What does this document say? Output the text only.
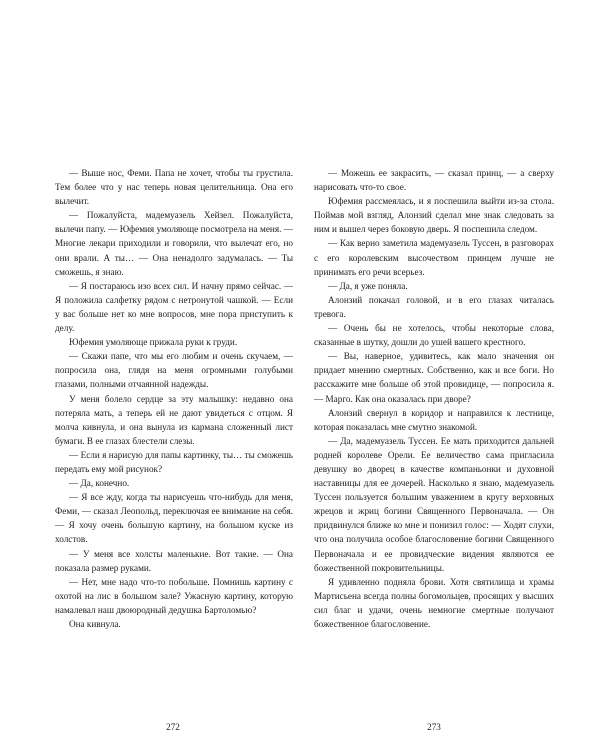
— Выше нос, Феми. Папа не хочет, чтобы ты грустила. Тем более что у нас теперь новая целительница. Она его вылечит.

— Пожалуйста, мадемуазель Хейзел. Пожалуйста, вылечи папу. — Юфемия умоляюще посмотрела на меня. — Многие лекари приходили и говорили, что вылечат его, но они врали. А ты… — Она ненадолго задумалась. — Ты сможешь, я знаю.

— Я постараюсь изо всех сил. И начну прямо сейчас. — Я положила салфетку рядом с нетронутой чашкой. — Если у вас больше нет ко мне вопросов, мне пора приступить к делу.

Юфемия умоляюще прижала руки к груди.

— Скажи папе, что мы его любим и очень скучаем, — попросила она, глядя на меня огромными голубыми глазами, полными отчаянной надежды.

У меня болело сердце за эту малышку: недавно она потеряла мать, а теперь ей не дают увидеться с отцом. Я молча кивнула, и она вынула из кармана сложенный лист бумаги. В ее глазах блестели слезы.

— Если я нарисую для папы картинку, ты… ты сможешь передать ему мой рисунок?

— Да, конечно.

— Я все жду, когда ты нарисуешь что-нибудь для меня, Феми, — сказал Леопольд, переключая ее внимание на себя. — Я хочу очень большую картину, на большом куске из холстов.

— У меня все холсты маленькие. Вот такие. — Она показала размер руками.

— Нет, мне надо что-то побольше. Помнишь картину с охотой на лис в большом зале? Ужасную картину, которую намалевал наш двоюродный дедушка Бартоломью?

Она кивнула.

272

— Можешь ее закрасить, — сказал принц, — а сверху нарисовать что-то свое.

Юфемия рассмеялась, и я поспешила выйти из-за стола. Поймав мой взгляд, Алонзий сделал мне знак следовать за ним и вышел через боковую дверь. Я поспешила следом.

— Как верно заметила мадемуазель Туссен, в разговорах с его королевским высочеством принцем лучше не принимать его речи всерьез.

— Да, я уже поняла.

Алонзий покачал головой, и в его глазах читалась тревога.

— Очень бы не хотелось, чтобы некоторые слова, сказанные в шутку, дошли до ушей вашего крестного.

— Вы, наверное, удивитесь, как мало значения он придает мнению смертных. Собственно, как и все боги. Но расскажите мне больше об этой провидице, — попросила я. — Марго. Как она оказалась при дворе?

Алонзий свернул в коридор и направился к лестнице, которая показалась мне смутно знакомой.

— Да, мадемуазель Туссен. Ее мать приходится дальней родней королеве Орели. Ее величество сама пригласила девушку во дворец в качестве компаньонки и духовной наставницы для ее дочерей. Насколько я знаю, мадемуазель Туссен пользуется большим уважением в кругу верховных жрецов и жриц богини Священного Первоначала. — Он придвинулся ближе ко мне и понизил голос: — Ходят слухи, что она получила особое благословение богини Священного Первоначала и ее провидческие видения являются ее божественной покровительницы.

Я удивленно подняла брови. Хотя святилища и храмы Мартисьена всегда полны богомольцев, просящих у высших сил благ и удачи, очень немногие смертные получают божественное благословение.

273
